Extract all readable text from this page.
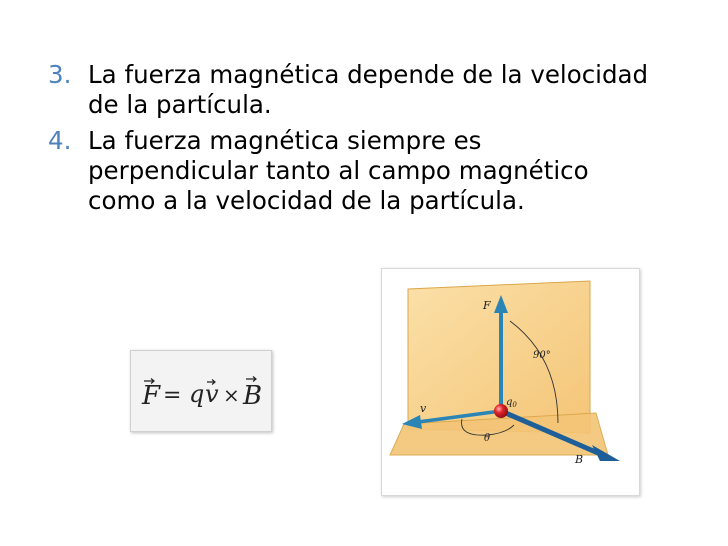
3. La fuerza magnética depende de la velocidad
de la partícula.
4. La fuerza magnética siempre es
perpendicular tanto al campo magnético
como a la velocidad de la partícula.
F = q v × B
F
90°
$q_0$
v
θ
B
